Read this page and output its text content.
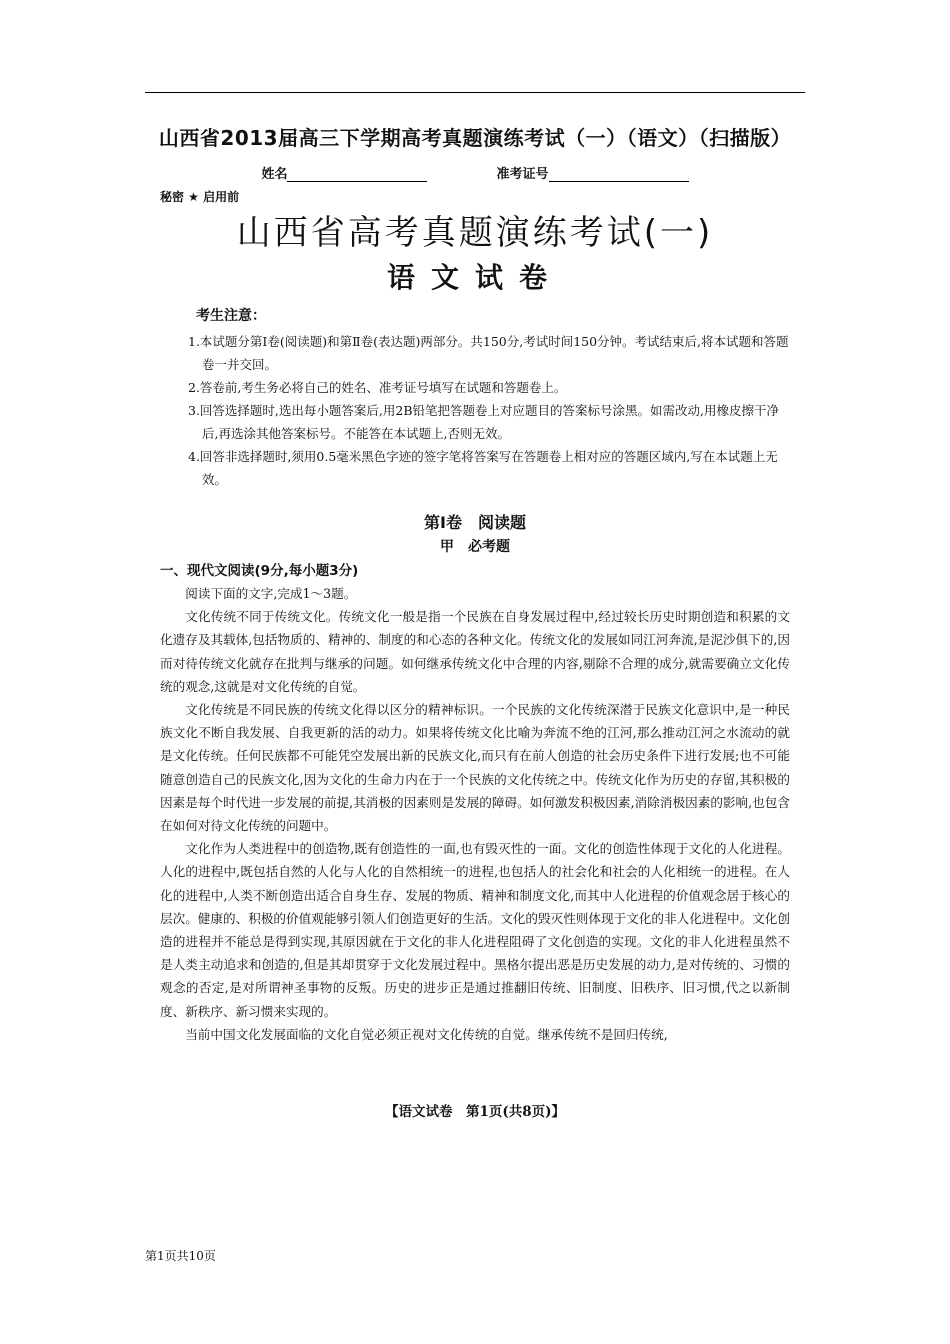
山西省2013届高三下学期高考真题演练考试（一）（语文）（扫描版）
姓名	准考证号
秘密 ★ 启用前
山西省高考真题演练考试(一)
语文试卷
考生注意：
1.本试题分第Ⅰ卷(阅读题)和第Ⅱ卷(表达题)两部分。共150分,考试时间150分钟。考试结束后,将本试题和答题卷一并交回。
2.答卷前,考生务必将自己的姓名、准考证号填写在试题和答题卷上。
3.回答选择题时,选出每小题答案后,用2B铅笔把答题卷上对应题目的答案标号涂黑。如需改动,用橡皮擦干净后,再选涂其他答案标号。不能答在本试题上,否则无效。
4.回答非选择题时,须用0.5毫米黑色字迹的签字笔将答案写在答题卷上相对应的答题区域内,写在本试题上无效。
第Ⅰ卷　阅读题
甲　必考题
一、现代文阅读(9分,每小题3分)

阅读下面的文字,完成1～3题。

文化传统不同于传统文化。传统文化一般是指一个民族在自身发展过程中,经过较长历史时期创造和积累的文化遗存及其载体,包括物质的、精神的、制度的和心态的各种文化。传统文化的发展如同江河奔流,是泥沙俱下的,因而对待传统文化就存在批判与继承的问题。如何继承传统文化中合理的内容,剔除不合理的成分,就需要确立文化传统的观念,这就是对文化传统的自觉。

文化传统是不同民族的传统文化得以区分的精神标识。一个民族的文化传统深潜于民族文化意识中,是一种民族文化不断自我发展、自我更新的活的动力。如果将传统文化比喻为奔流不绝的江河,那么推动江河之水流动的就是文化传统。任何民族都不可能凭空发展出新的民族文化,而只有在前人创造的社会历史条件下进行发展;也不可能随意创造自己的民族文化,因为文化的生命力内在于一个民族的文化传统之中。传统文化作为历史的存留,其积极的因素是每个时代进一步发展的前提,其消极的因素则是发展的障碍。如何激发积极因素,消除消极因素的影响,也包含在如何对待文化传统的问题中。

文化作为人类进程中的创造物,既有创造性的一面,也有毁灭性的一面。文化的创造性体现于文化的人化进程。人化的进程中,既包括自然的人化与人化的自然相统一的进程,也包括人的社会化和社会的人化相统一的进程。在人化的进程中,人类不断创造出适合自身生存、发展的物质、精神和制度文化,而其中人化进程的价值观念居于核心的层次。健康的、积极的价值观能够引领人们创造更好的生活。文化的毁灭性则体现于文化的非人化进程中。文化创造的进程并不能总是得到实现,其原因就在于文化的非人化进程阻碍了文化创造的实现。文化的非人化进程虽然不是人类主动追求和创造的,但是其却贯穿于文化发展过程中。黑格尔提出恶是历史发展的动力,是对传统的、习惯的观念的否定,是对所谓神圣事物的反叛。历史的进步正是通过推翻旧传统、旧制度、旧秩序、旧习惯,代之以新制度、新秩序、新习惯来实现的。

当前中国文化发展面临的文化自觉必须正视对文化传统的自觉。继承传统不是回归传统,

【语文试卷　第1页(共8页)】
第1页共10页
